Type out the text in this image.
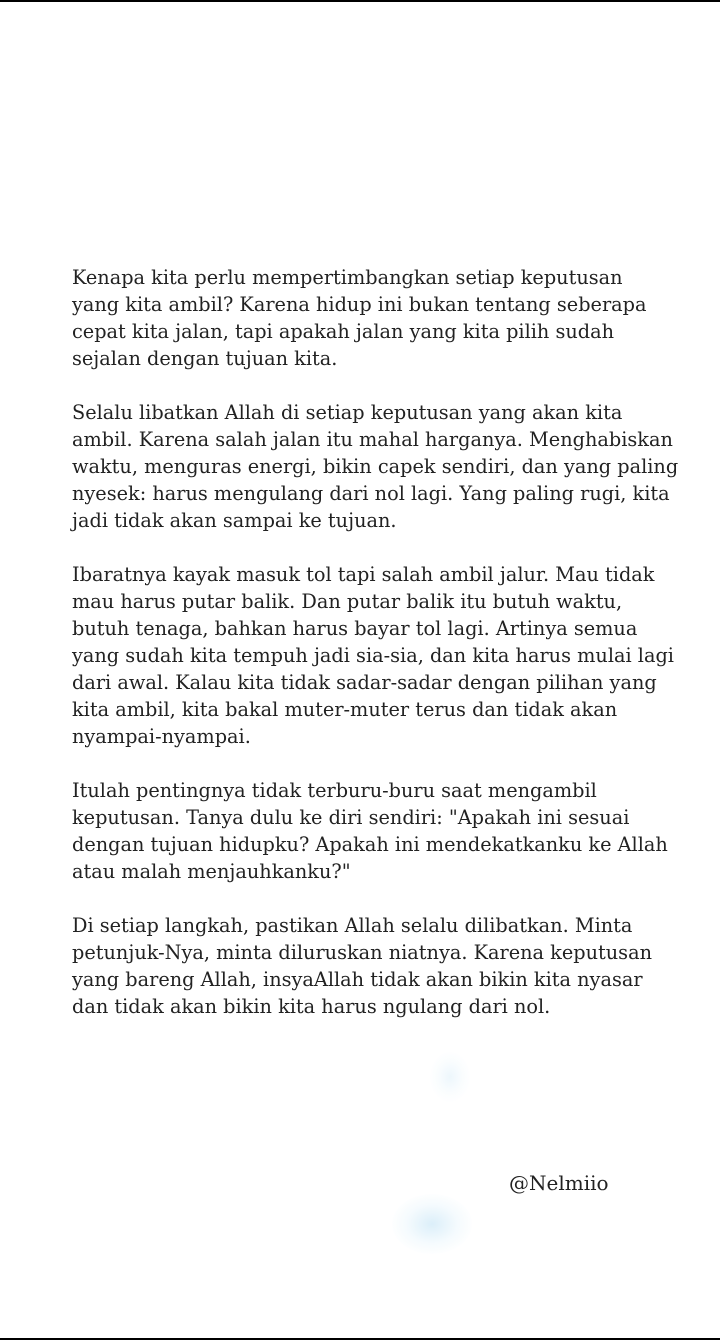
Kenapa kita perlu mempertimbangkan setiap keputusan
yang kita ambil? Karena hidup ini bukan tentang seberapa
cepat kita jalan, tapi apakah jalan yang kita pilih sudah
sejalan dengan tujuan kita.

Selalu libatkan Allah di setiap keputusan yang akan kita
ambil. Karena salah jalan itu mahal harganya. Menghabiskan
waktu, menguras energi, bikin capek sendiri, dan yang paling
nyesek: harus mengulang dari nol lagi. Yang paling rugi, kita
jadi tidak akan sampai ke tujuan.

Ibaratnya kayak masuk tol tapi salah ambil jalur. Mau tidak
mau harus putar balik. Dan putar balik itu butuh waktu,
butuh tenaga, bahkan harus bayar tol lagi. Artinya semua
yang sudah kita tempuh jadi sia-sia, dan kita harus mulai lagi
dari awal. Kalau kita tidak sadar-sadar dengan pilihan yang
kita ambil, kita bakal muter-muter terus dan tidak akan
nyampai-nyampai.

Itulah pentingnya tidak terburu-buru saat mengambil
keputusan. Tanya dulu ke diri sendiri: "Apakah ini sesuai
dengan tujuan hidupku? Apakah ini mendekatkanku ke Allah
atau malah menjauhkanku?"

Di setiap langkah, pastikan Allah selalu dilibatkan. Minta
petunjuk-Nya, minta diluruskan niatnya. Karena keputusan
yang bareng Allah, insyaAllah tidak akan bikin kita nyasar
dan tidak akan bikin kita harus ngulang dari nol.

@Nelmiio
